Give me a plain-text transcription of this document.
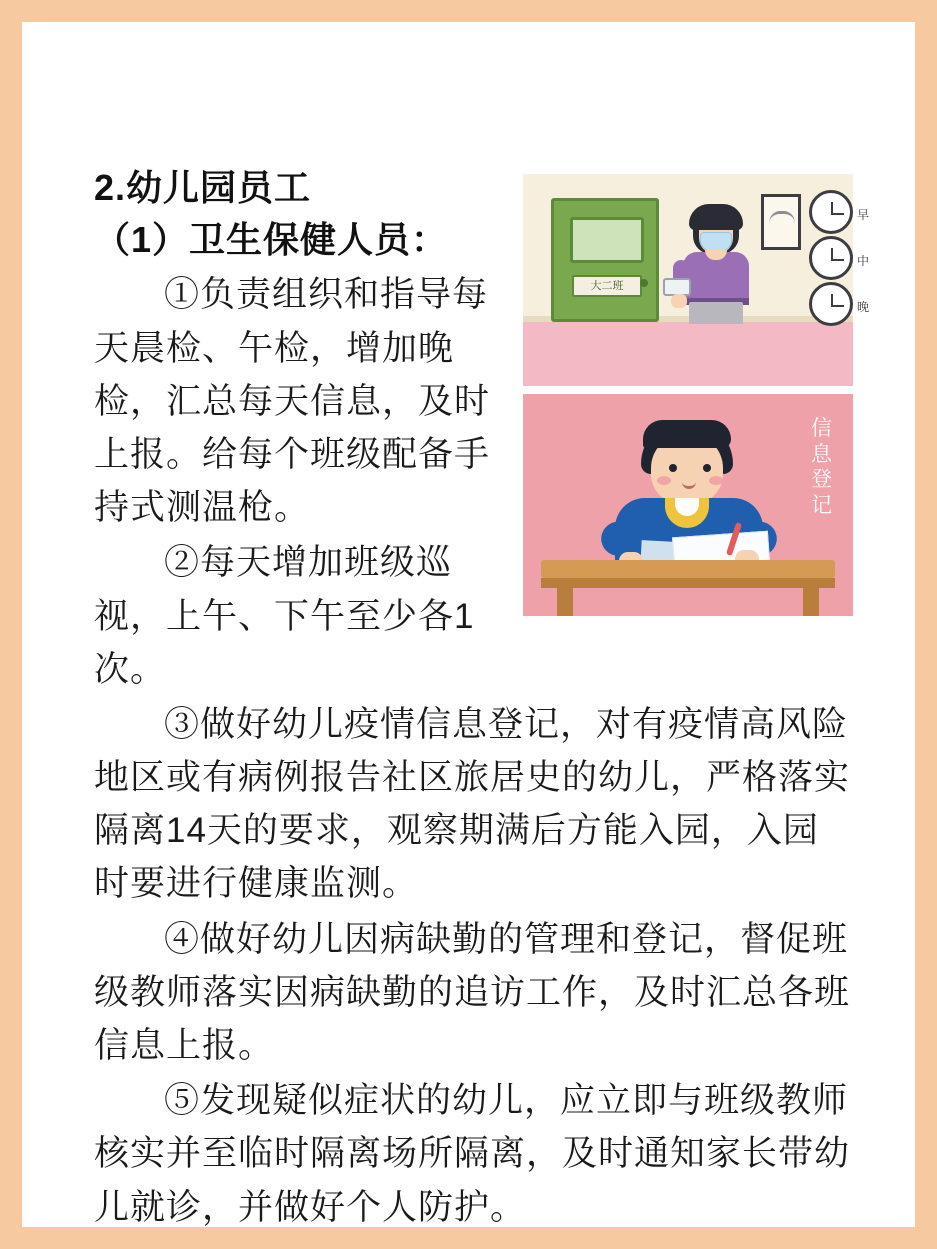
大二班
早
中
晚
信息登记
2.幼儿园员工
（1）卫生保健人员：

①负责组织和指导每天晨检、午检，增加晚检，汇总每天信息，及时上报。给每个班级配备手持式测温枪。

②每天增加班级巡视，上午、下午至少各1次。

③做好幼儿疫情信息登记，对有疫情高风险地区或有病例报告社区旅居史的幼儿，严格落实隔离14天的要求，观察期满后方能入园，入园时要进行健康监测。

④做好幼儿因病缺勤的管理和登记，督促班级教师落实因病缺勤的追访工作，及时汇总各班信息上报。

⑤发现疑似症状的幼儿，应立即与班级教师核实并至临时隔离场所隔离，及时通知家长带幼儿就诊，并做好个人防护。
